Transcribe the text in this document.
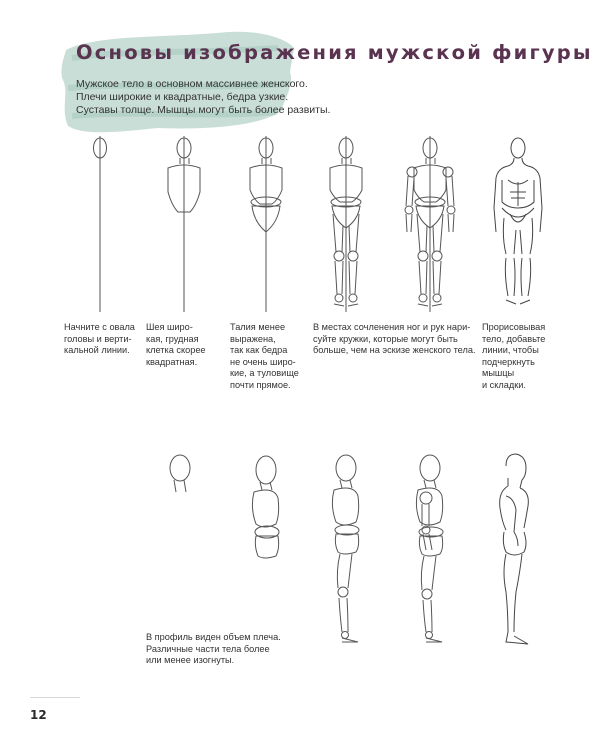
Основы изображения мужской фигуры
Мужское тело в основном массивнее женского.
Плечи широкие и квадратные, бедра узкие.
Суставы толще. Мышцы могут быть более развиты.
Начните с овала
головы и верти-
кальной линии.
Шея широ-
кая, грудная
клетка скорее
квадратная.
Талия менее
выражена,
так как бедра
не очень широ-
кие, а туловище
почти прямое.
В местах сочленения ног и рук нари-
суйте кружки, которые могут быть
больше, чем на эскизе женского тела.
Прорисовывая
тело, добавьте
линии, чтобы
подчеркнуть
мышцы
и складки.
В профиль виден объем плеча.
Различные части тела более
или менее изогнуты.
12
